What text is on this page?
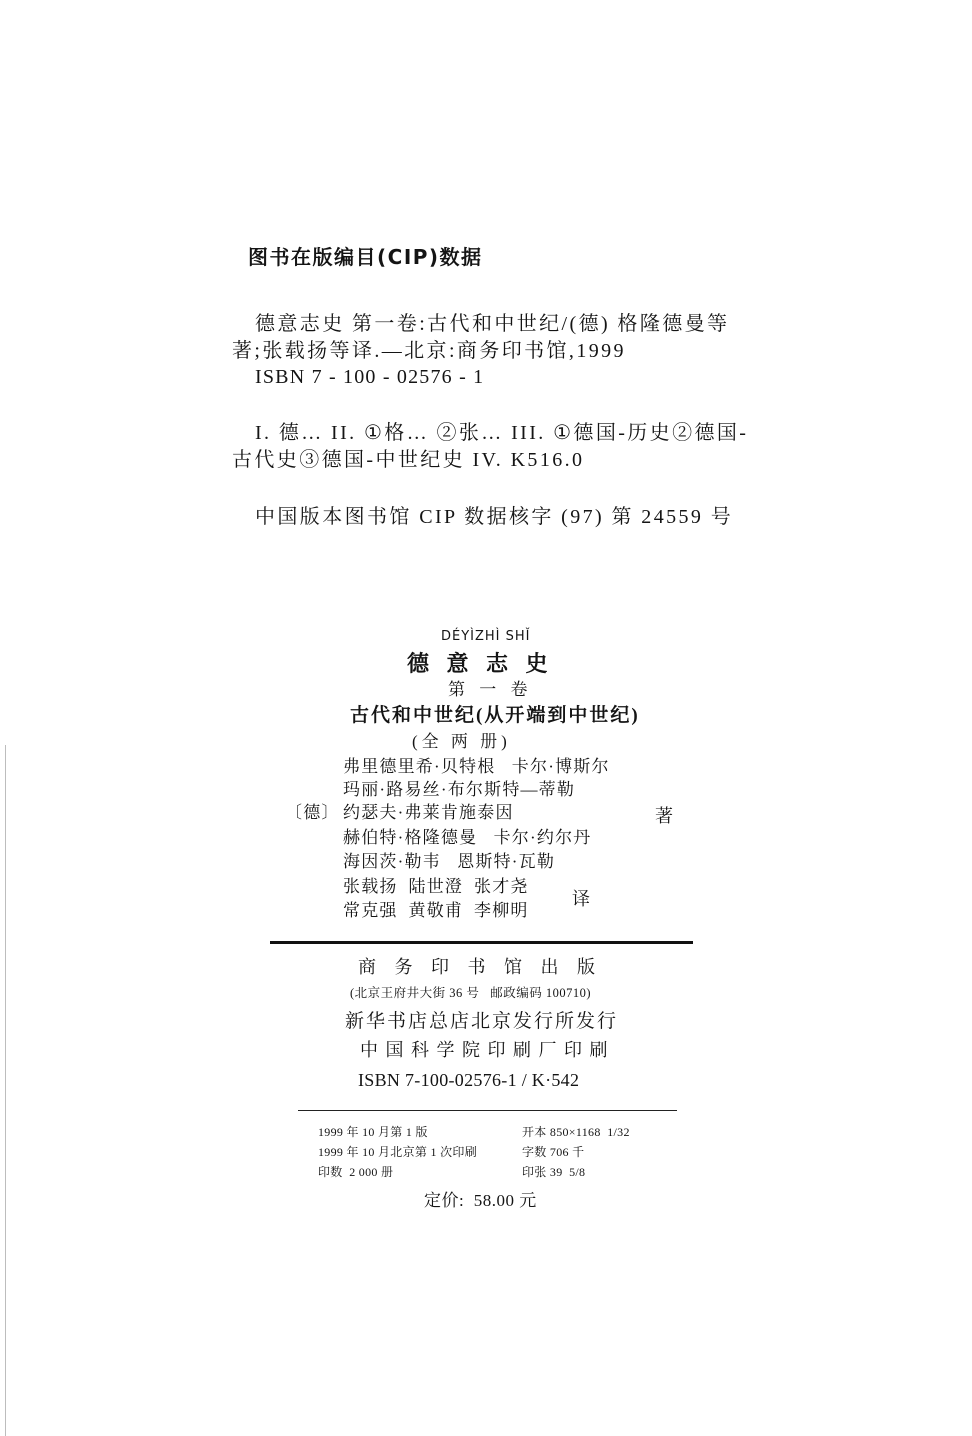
图书在版编目(CIP)数据
德意志史 第一卷:古代和中世纪/(德) 格隆德曼等
著;张载扬等译.—北京:商务印书馆,1999
ISBN 7 - 100 - 02576 - 1
I. 德… II. ①格… ②张… III. ①德国-历史②德国-
古代史③德国-中世纪史 IV. K516.0
中国版本图书馆 CIP 数据核字 (97) 第 24559 号
DÉYÌZHÌ SHǏ
德 意 志 史
第 一 卷
古代和中世纪(从开端到中世纪)
(全 两 册)
弗里德里希·贝特根   卡尔·博斯尔
玛丽·路易丝·布尔斯特—蒂勒
〔德〕 约瑟夫·弗莱肯施泰因	著
赫伯特·格隆德曼   卡尔·约尔丹
海因茨·勒韦   恩斯特·瓦勒
张载扬  陆世澄  张才尧
常克强  黄敬甫  李柳明
译
商 务 印 书 馆 出 版
(北京王府井大街 36 号   邮政编码 100710)
新华书店总店北京发行所发行
中 国 科 学 院 印 刷 厂 印 刷
ISBN 7-100-02576-1 / K·542
1999 年 10 月第 1 版
1999 年 10 月北京第 1 次印刷
印数  2 000 册
开本 850×1168  1/32
字数 706 千
印张 39  5/8
定价:  58.00 元
